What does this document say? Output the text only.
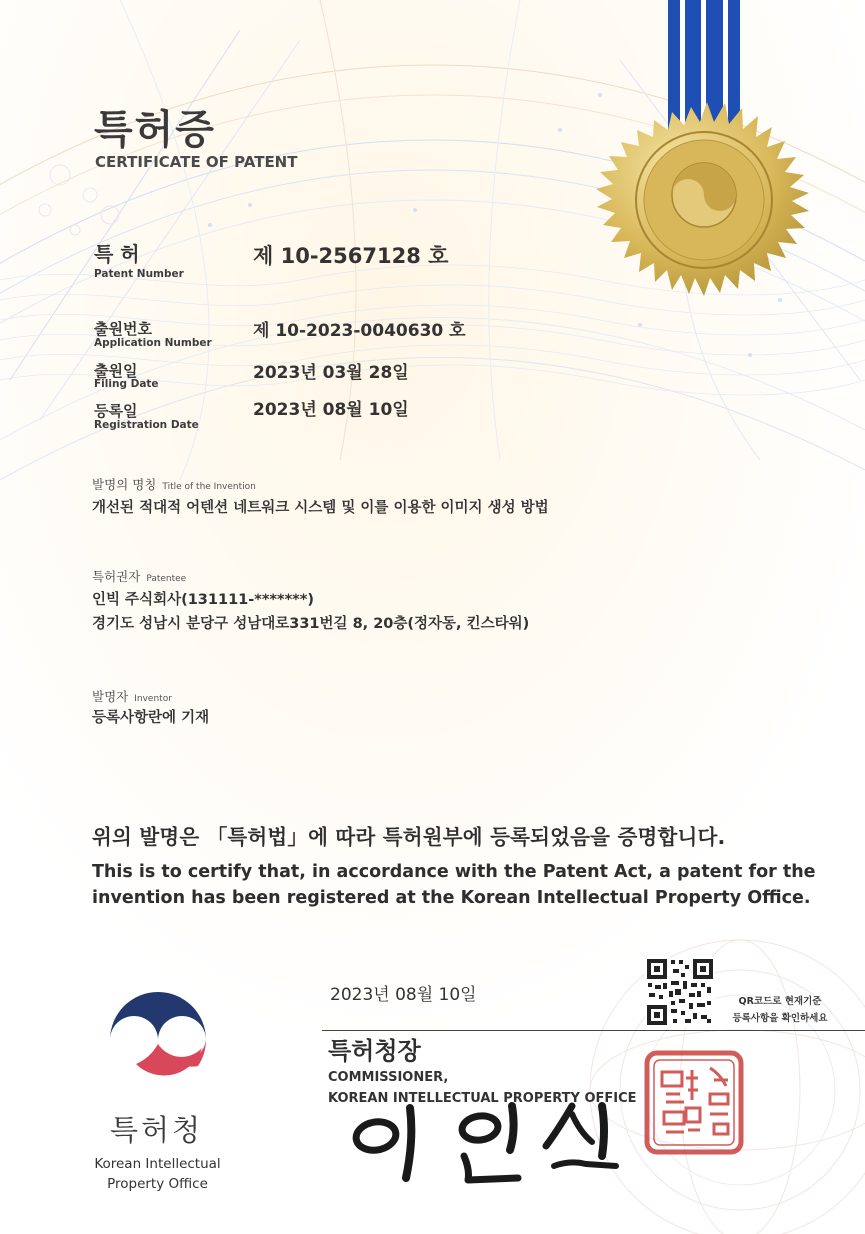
특허증
CERTIFICATE OF PATENT
특 허
Patent Number
제 10-2567128 호
출원번호
Application Number
제 10-2023-0040630 호
출원일
Filing Date
2023년 03월 28일
등록일
Registration Date
2023년 08월 10일
발명의 명칭 Title of the Invention
개선된 적대적 어텐션 네트워크 시스템 및 이를 이용한 이미지 생성 방법
특허권자 Patentee
인빅 주식회사(131111-*******)
경기도 성남시 분당구 성남대로331번길 8, 20층(정자동, 킨스타워)
발명자 Inventor
등록사항란에 기재
위의 발명은 「특허법」에 따라 특허원부에 등록되었음을 증명합니다.
This is to certify that, in accordance with the Patent Act, a patent for the
invention has been registered at the Korean Intellectual Property Office.
QR코드로 현재기준
등록사항을 확인하세요
2023년 08월 10일
특허청장
COMMISSIONER,
KOREAN INTELLECTUAL PROPERTY OFFICE
특허청
Korean Intellectual
Property Office
